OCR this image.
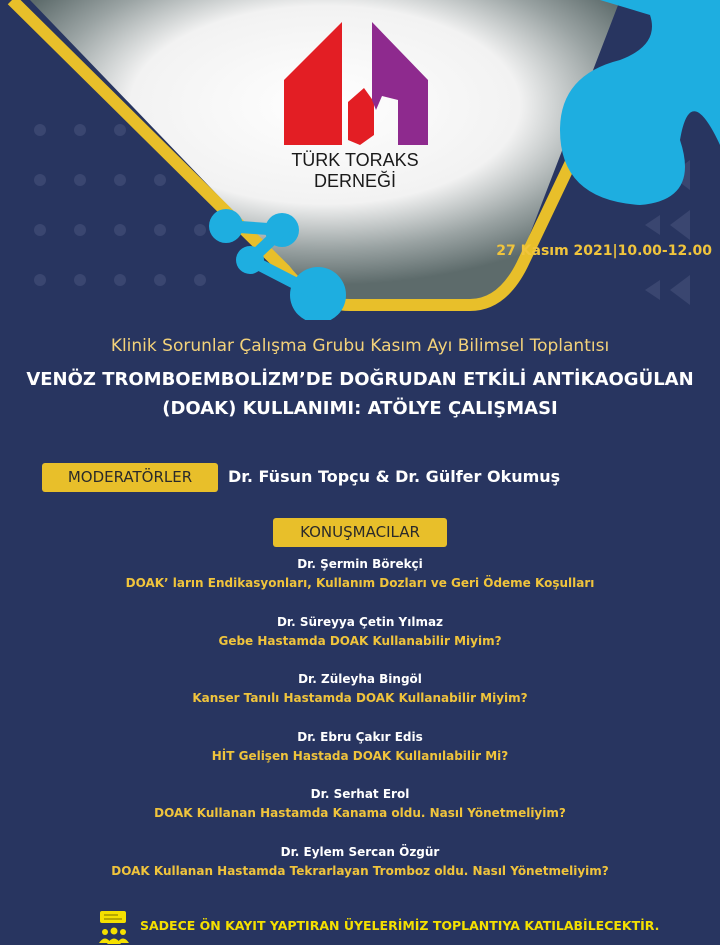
TÜRK TORAKS DERNEĞİ
27 Kasım 2021|10.00-12.00
Klinik Sorunlar Çalışma Grubu Kasım Ayı Bilimsel Toplantısı
VENÖZ TROMBOEMBOLİZM’DE DOĞRUDAN ETKİLİ ANTİKAOGÜLAN
(DOAK) KULLANIMI: ATÖLYE ÇALIŞMASI
MODERATÖRLER	Dr. Füsun Topçu & Dr. Gülfer Okumuş
KONUŞMACILAR
Dr. Şermin Börekçi
DOAK’ ların Endikasyonları, Kullanım Dozları ve Geri Ödeme Koşulları
Dr. Süreyya Çetin Yılmaz
Gebe Hastamda DOAK Kullanabilir Miyim?
Dr. Züleyha Bingöl
Kanser Tanılı Hastamda DOAK Kullanabilir Miyim?
Dr. Ebru Çakır Edis
HİT Gelişen Hastada DOAK Kullanılabilir Mi?
Dr. Serhat Erol
DOAK Kullanan Hastamda Kanama oldu. Nasıl Yönetmeliyim?
Dr. Eylem Sercan Özgür
DOAK Kullanan Hastamda Tekrarlayan Tromboz oldu. Nasıl Yönetmeliyim?
SADECE ÖN KAYIT YAPTIRAN ÜYELERİMİZ TOPLANTIYA KATILABİLECEKTİR.
